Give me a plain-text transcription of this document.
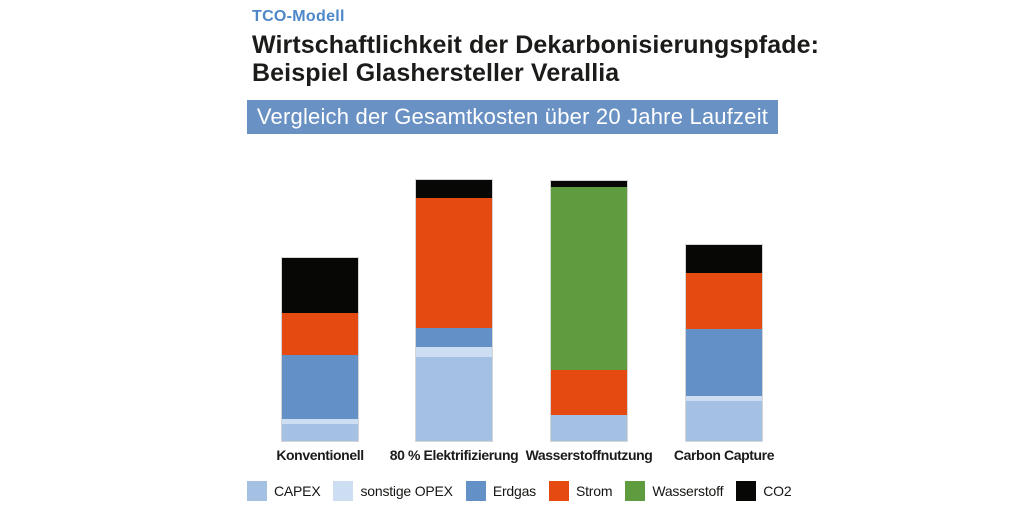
TCO-Modell
Wirtschaftlichkeit der Dekarbonisierungspfade:
Beispiel Glashersteller Verallia
Vergleich der Gesamtkosten über 20 Jahre Laufzeit
Konventionell 80 % Elektrifizierung Wasserstoffnutzung Carbon Capture
CAPEX	sonstige OPEX	Erdgas	Strom	Wasserstoff	CO2
